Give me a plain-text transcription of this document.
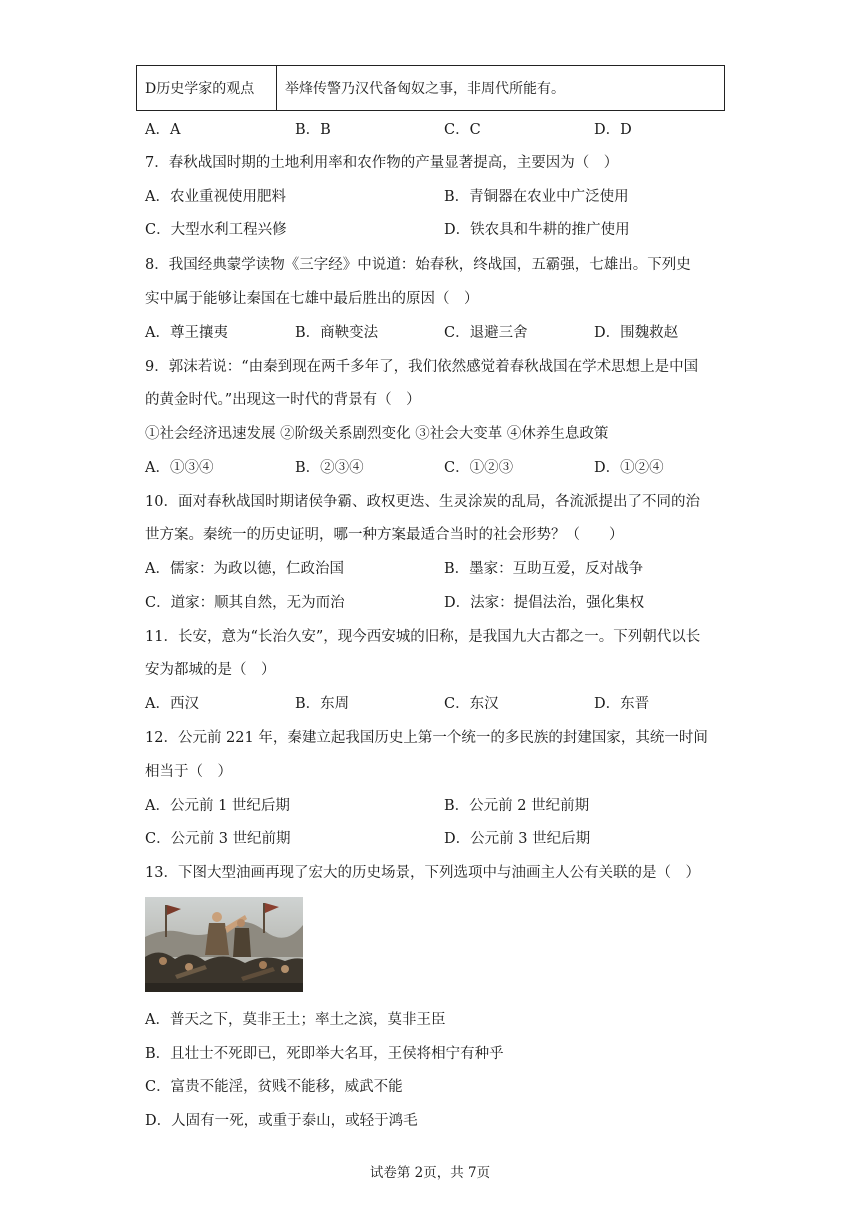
D历史学家的观点	举烽传警乃汉代备匈奴之事，非周代所能有。
A．A	B．B	C．C	D．D
7．春秋战国时期的土地利用率和农作物的产量显著提高，主要因为（　）
A．农业重视使用肥料	B．青铜器在农业中广泛使用
C．大型水利工程兴修	D．铁农具和牛耕的推广使用
8．我国经典蒙学读物《三字经》中说道：始春秋，终战国，五霸强，七雄出。下列史
实中属于能够让秦国在七雄中最后胜出的原因（　）
A．尊王攘夷	B．商鞅变法	C．退避三舍	D．围魏救赵
9．郭沫若说：“由秦到现在两千多年了，我们依然感觉着春秋战国在学术思想上是中国
的黄金时代。”出现这一时代的背景有（　）
①社会经济迅速发展 ②阶级关系剧烈变化 ③社会大变革 ④休养生息政策
A．①③④	B．②③④	C．①②③	D．①②④
10．面对春秋战国时期诸侯争霸、政权更迭、生灵涂炭的乱局，各流派提出了不同的治
世方案。秦统一的历史证明，哪一种方案最适合当时的社会形势？（　　）
A．儒家：为政以德，仁政治国	B．墨家：互助互爱，反对战争
C．道家：顺其自然，无为而治	D．法家：提倡法治，强化集权
11．长安，意为“长治久安”，现今西安城的旧称，是我国九大古都之一。下列朝代以长
安为都城的是（　）
A．西汉	B．东周	C．东汉	D．东晋
12．公元前 221 年，秦建立起我国历史上第一个统一的多民族的封建国家，其统一时间
相当于（　）
A．公元前 1 世纪后期	B．公元前 2 世纪前期
C．公元前 3 世纪前期	D．公元前 3 世纪后期
13．下图大型油画再现了宏大的历史场景，下列选项中与油画主人公有关联的是（　）
A．普天之下，莫非王土；率土之滨，莫非王臣
B．且壮士不死即已，死即举大名耳，王侯将相宁有种乎
C．富贵不能淫，贫贱不能移，威武不能
D．人固有一死，或重于泰山，或轻于鸿毛
试卷第 2页，共 7页
